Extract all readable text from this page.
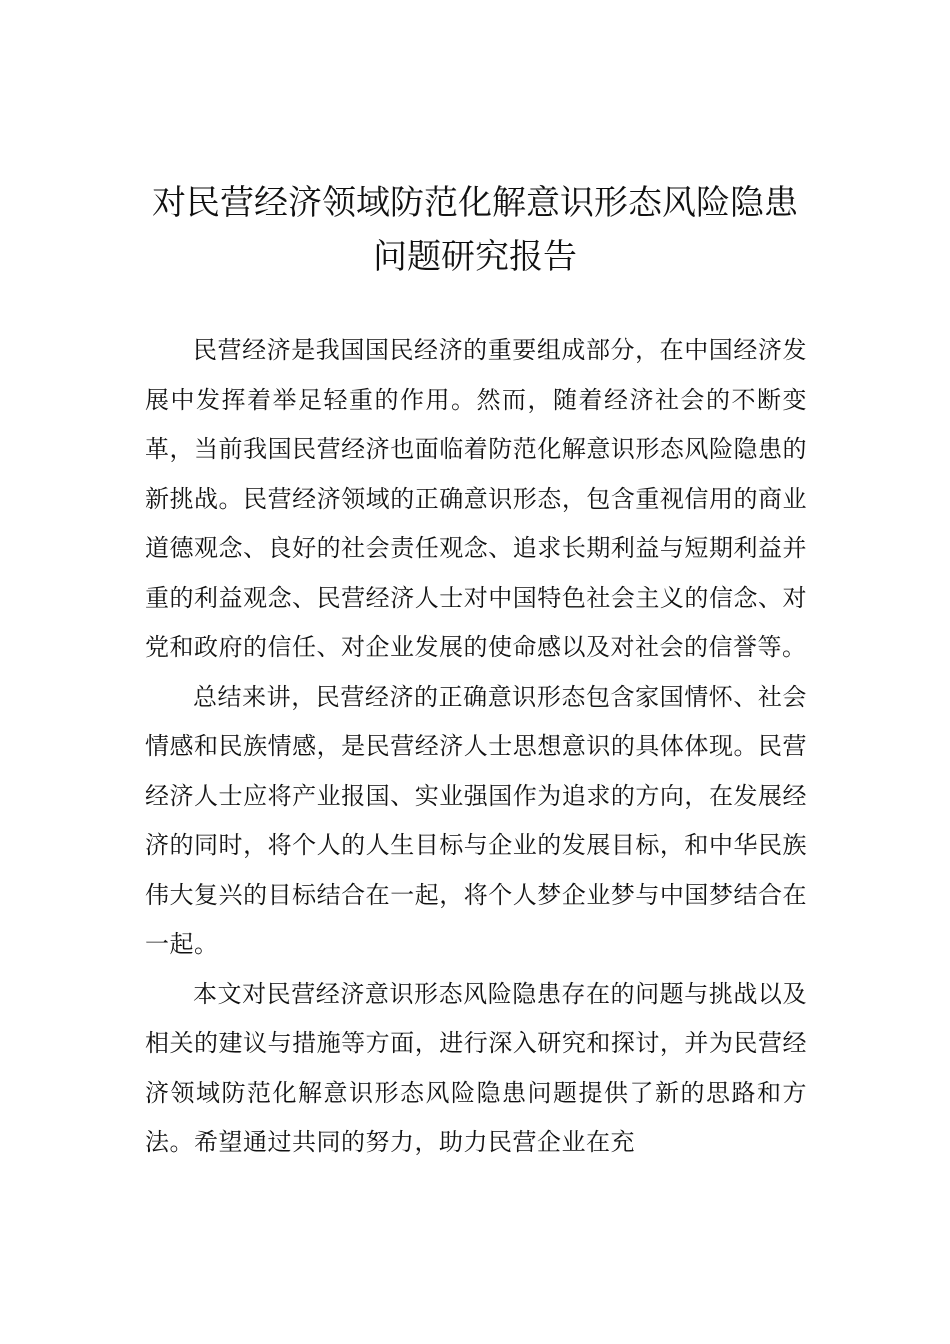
对民营经济领域防范化解意识形态风险隐患问题研究报告

民营经济是我国国民经济的重要组成部分，在中国经济发展中发挥着举足轻重的作用。然而，随着经济社会的不断变革，当前我国民营经济也面临着防范化解意识形态风险隐患的新挑战。民营经济领域的正确意识形态，包含重视信用的商业道德观念、良好的社会责任观念、追求长期利益与短期利益并重的利益观念、民营经济人士对中国特色社会主义的信念、对党和政府的信任、对企业发展的使命感以及对社会的信誉等。

总结来讲，民营经济的正确意识形态包含家国情怀、社会情感和民族情感，是民营经济人士思想意识的具体体现。民营经济人士应将产业报国、实业强国作为追求的方向，在发展经济的同时，将个人的人生目标与企业的发展目标，和中华民族伟大复兴的目标结合在一起，将个人梦企业梦与中国梦结合在一起。

本文对民营经济意识形态风险隐患存在的问题与挑战以及相关的建议与措施等方面，进行深入研究和探讨，并为民营经济领域防范化解意识形态风险隐患问题提供了新的思路和方法。希望通过共同的努力，助力民营企业在充
